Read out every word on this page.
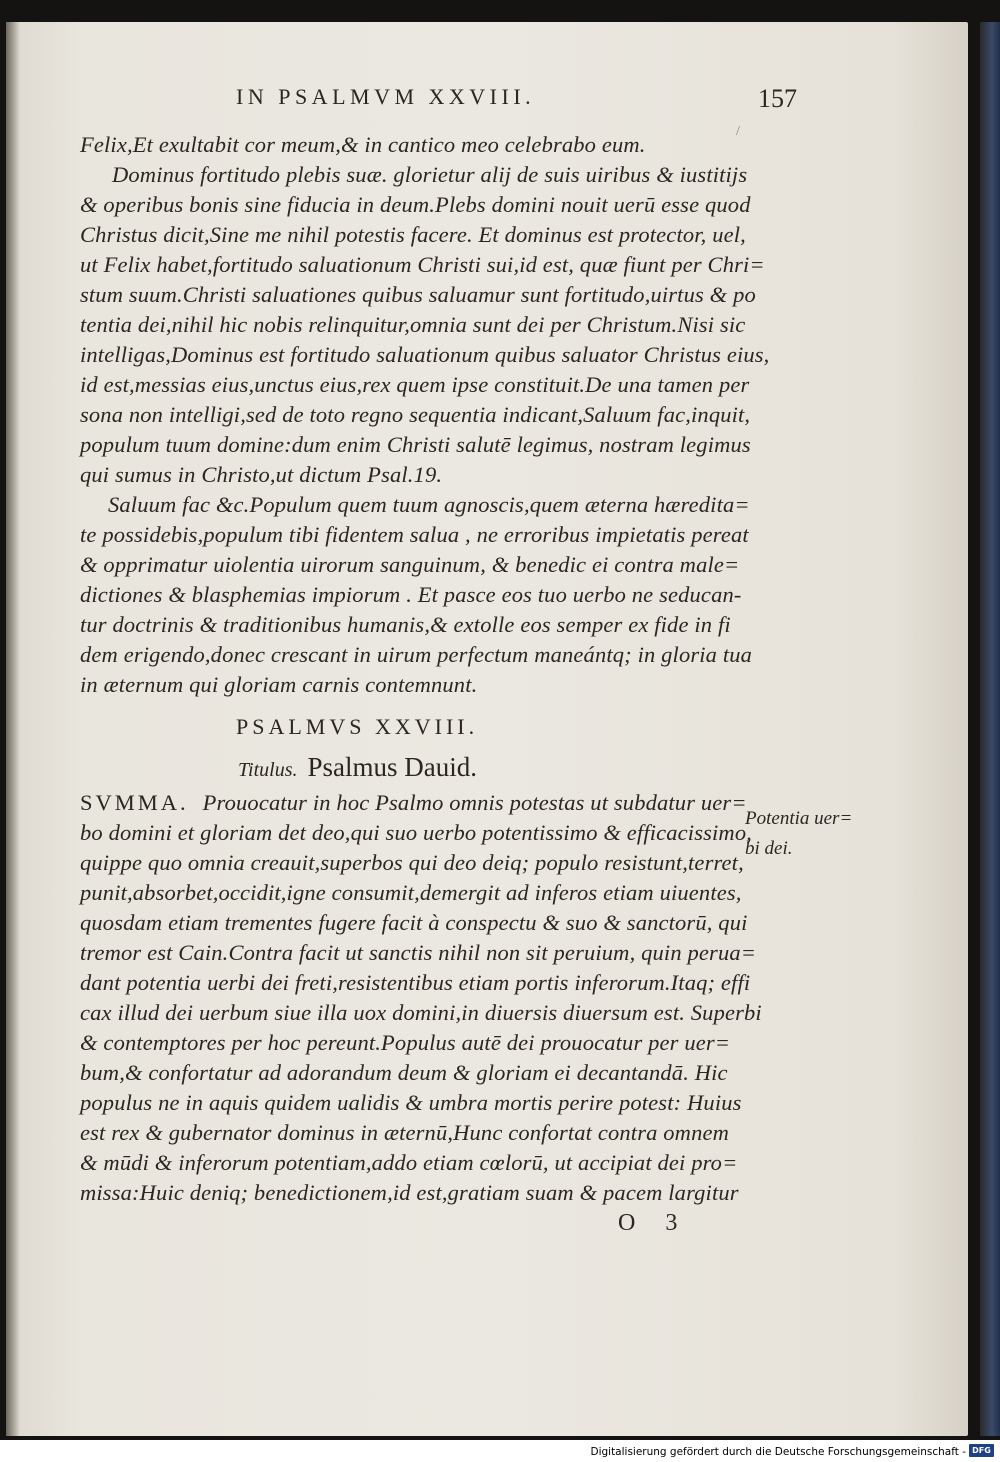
IN PSALMVM XXVIII.	157
/
Felix,Et exultabit cor meum,& in cantico meo celebrabo eum.
Dominus fortitudo plebis suæ. glorietur alij de suis uiribus & iustitijs
& operibus bonis sine fiducia in deum.Plebs domini nouit uerū esse quod
Christus dicit,Sine me nihil potestis facere. Et dominus est protector, uel,
ut Felix habet,fortitudo saluationum Christi sui,id est, quæ fiunt per Chri=
stum suum.Christi saluationes quibus saluamur sunt fortitudo,uirtus & po
tentia dei,nihil hic nobis relinquitur,omnia sunt dei per Christum.Nisi sic
intelligas,Dominus est fortitudo saluationum quibus saluator Christus eius,
id est,messias eius,unctus eius,rex quem ipse constituit.De una tamen per
sona non intelligi,sed de toto regno sequentia indicant,Saluum fac,inquit,
populum tuum domine:dum enim Christi salutē legimus, nostram legimus
qui sumus in Christo,ut dictum Psal.19.
Saluum fac &c.Populum quem tuum agnoscis,quem æterna hæredita=
te possidebis,populum tibi fidentem salua , ne erroribus impietatis pereat
& opprimatur uiolentia uirorum sanguinum, & benedic ei contra male=
dictiones & blasphemias impiorum . Et pasce eos tuo uerbo ne seducan-
tur doctrinis & traditionibus humanis,& extolle eos semper ex fide in fi
dem erigendo,donec crescant in uirum perfectum maneántq; in gloria tua
in æternum qui gloriam carnis contemnunt.
PSALMVS XXVIII.
Titulus. Psalmus Dauid.
SVMMA. Prouocatur in hoc Psalmo omnis potestas ut subdatur uer=
bo domini et gloriam det deo,qui suo uerbo potentissimo & efficacissimo,
quippe quo omnia creauit,superbos qui deo deiq; populo resistunt,terret,
punit,absorbet,occidit,igne consumit,demergit ad inferos etiam uiuentes,
quosdam etiam trementes fugere facit à conspectu & suo & sanctorū, qui
tremor est Cain.Contra facit ut sanctis nihil non sit peruium, quin perua=
dant potentia uerbi dei freti,resistentibus etiam portis inferorum.Itaq; effi
cax illud dei uerbum siue illa uox domini,in diuersis diuersum est. Superbi
& contemptores per hoc pereunt.Populus autē dei prouocatur per uer=
bum,& confortatur ad adorandum deum & gloriam ei decantandā. Hic
populus ne in aquis quidem ualidis & umbra mortis perire potest: Huius
est rex & gubernator dominus in æternū,Hunc confortat contra omnem
& mūdi & inferorum potentiam,addo etiam cœlorū, ut accipiat dei pro=
missa:Huic deniq; benedictionem,id est,gratiam suam & pacem largitur
Potentia uer=
bi dei.
O 3
Digitalisierung gefördert durch die Deutsche Forschungsgemeinschaft - DFG
